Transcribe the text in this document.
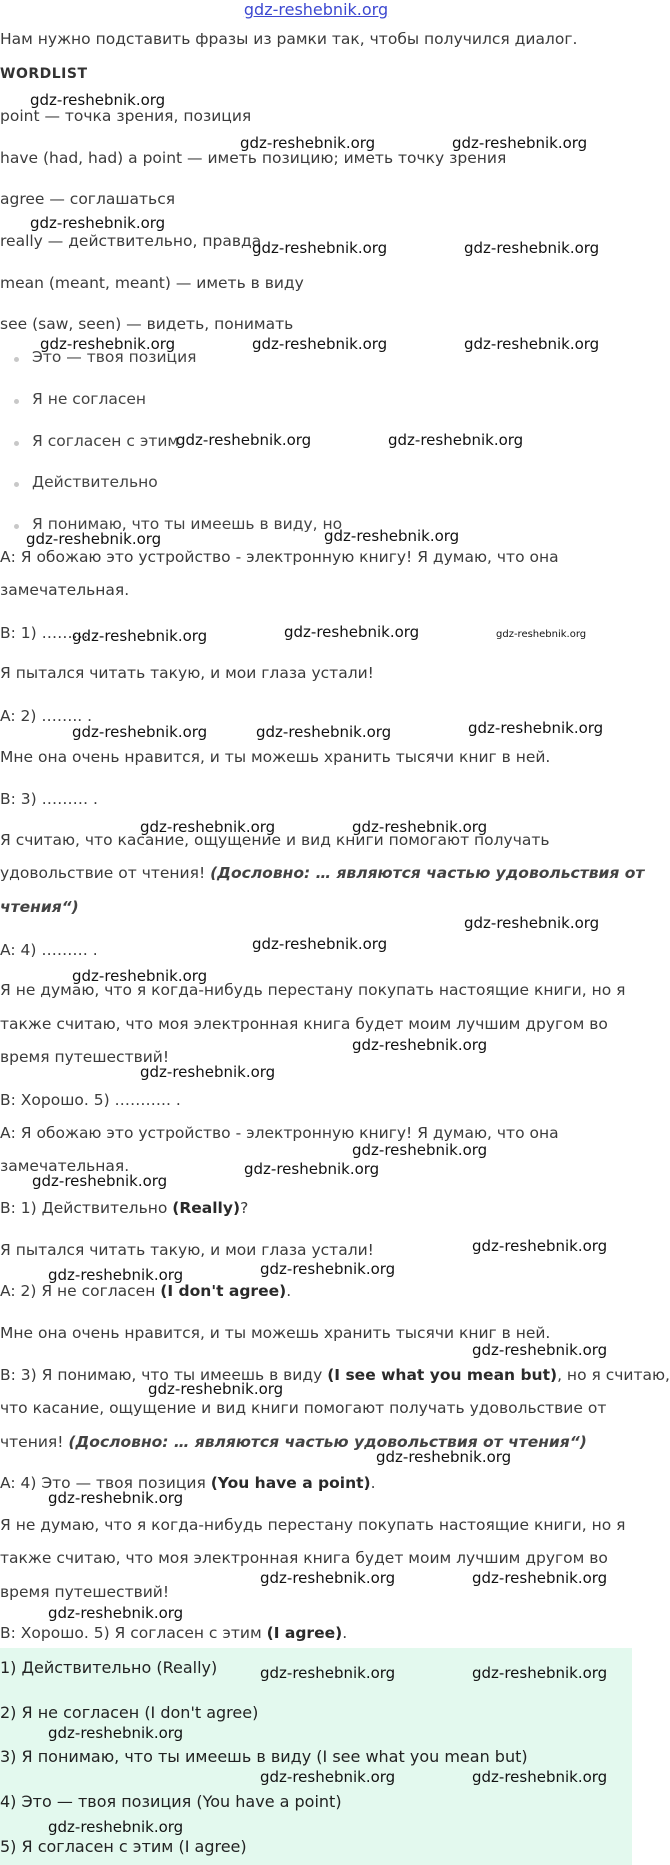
gdz-reshebnik.org
Нам нужно подставить фразы из рамки так, чтобы получился диалог.
WORDLIST
point — точка зрения, позиция
have (had, had) a point — иметь позицию; иметь точку зрения
agree — соглашаться
really — действительно, правда
mean (meant, meant) — иметь в виду
see (saw, seen) — видеть, понимать
Это — твоя позиция
Я не согласен
Я согласен с этим
Действительно
Я понимаю, что ты имеешь в виду, но
А: Я обожаю это устройство - электронную книгу! Я думаю, что она
замечательная.
B: 1) ……… .
Я пытался читать такую, и мои глаза устали!
A: 2) …….. .
Мне она очень нравится, и ты можешь хранить тысячи книг в ней.
B: 3) ……… .
Я считаю, что касание, ощущение и вид книги помогают получать
удовольствие от чтения! (Дословно: … являются частью удовольствия от
чтения“)
A: 4) ……… .
Я не думаю, что я когда-нибудь перестану покупать настоящие книги, но я
также считаю, что моя электронная книга будет моим лучшим другом во
время путешествий!
B: Хорошо. 5) ……….. .
А: Я обожаю это устройство - электронную книгу! Я думаю, что она
замечательная.
B: 1) Действительно (Really)?
Я пытался читать такую, и мои глаза устали!
A: 2) Я не согласен (I don't agree).
Мне она очень нравится, и ты можешь хранить тысячи книг в ней.
B: 3) Я понимаю, что ты имеешь в виду (I see what you mean but), но я считаю,
что касание, ощущение и вид книги помогают получать удовольствие от
чтения! (Дословно: … являются частью удовольствия от чтения“)
A: 4) Это — твоя позиция (You have a point).
Я не думаю, что я когда-нибудь перестану покупать настоящие книги, но я
также считаю, что моя электронная книга будет моим лучшим другом во
время путешествий!
B: Хорошо. 5) Я согласен с этим (I agree).
1) Действительно (Really)
2) Я не согласен (I don't agree)
3) Я понимаю, что ты имеешь в виду (I see what you mean but)
4) Это — твоя позиция (You have a point)
5) Я согласен с этим (I agree)
gdz-reshebnik.org
gdz-reshebnik.org	gdz-reshebnik.org
gdz-reshebnik.org
gdz-reshebnik.org	gdz-reshebnik.org
gdz-reshebnik.org	gdz-reshebnik.org	gdz-reshebnik.org
gdz-reshebnik.org	gdz-reshebnik.org
gdz-reshebnik.org	gdz-reshebnik.org
gdz-reshebnik.org	gdz-reshebnik.org	gdz-reshebnik.org
gdz-reshebnik.org	gdz-reshebnik.org	gdz-reshebnik.org
gdz-reshebnik.org	gdz-reshebnik.org
gdz-reshebnik.org
gdz-reshebnik.org
gdz-reshebnik.org
gdz-reshebnik.org
gdz-reshebnik.org
gdz-reshebnik.org
gdz-reshebnik.org
gdz-reshebnik.org
gdz-reshebnik.org
gdz-reshebnik.org	gdz-reshebnik.org
gdz-reshebnik.org
gdz-reshebnik.org
gdz-reshebnik.org
gdz-reshebnik.org
gdz-reshebnik.org	gdz-reshebnik.org
gdz-reshebnik.org
gdz-reshebnik.org	gdz-reshebnik.org
gdz-reshebnik.org
gdz-reshebnik.org	gdz-reshebnik.org
gdz-reshebnik.org
